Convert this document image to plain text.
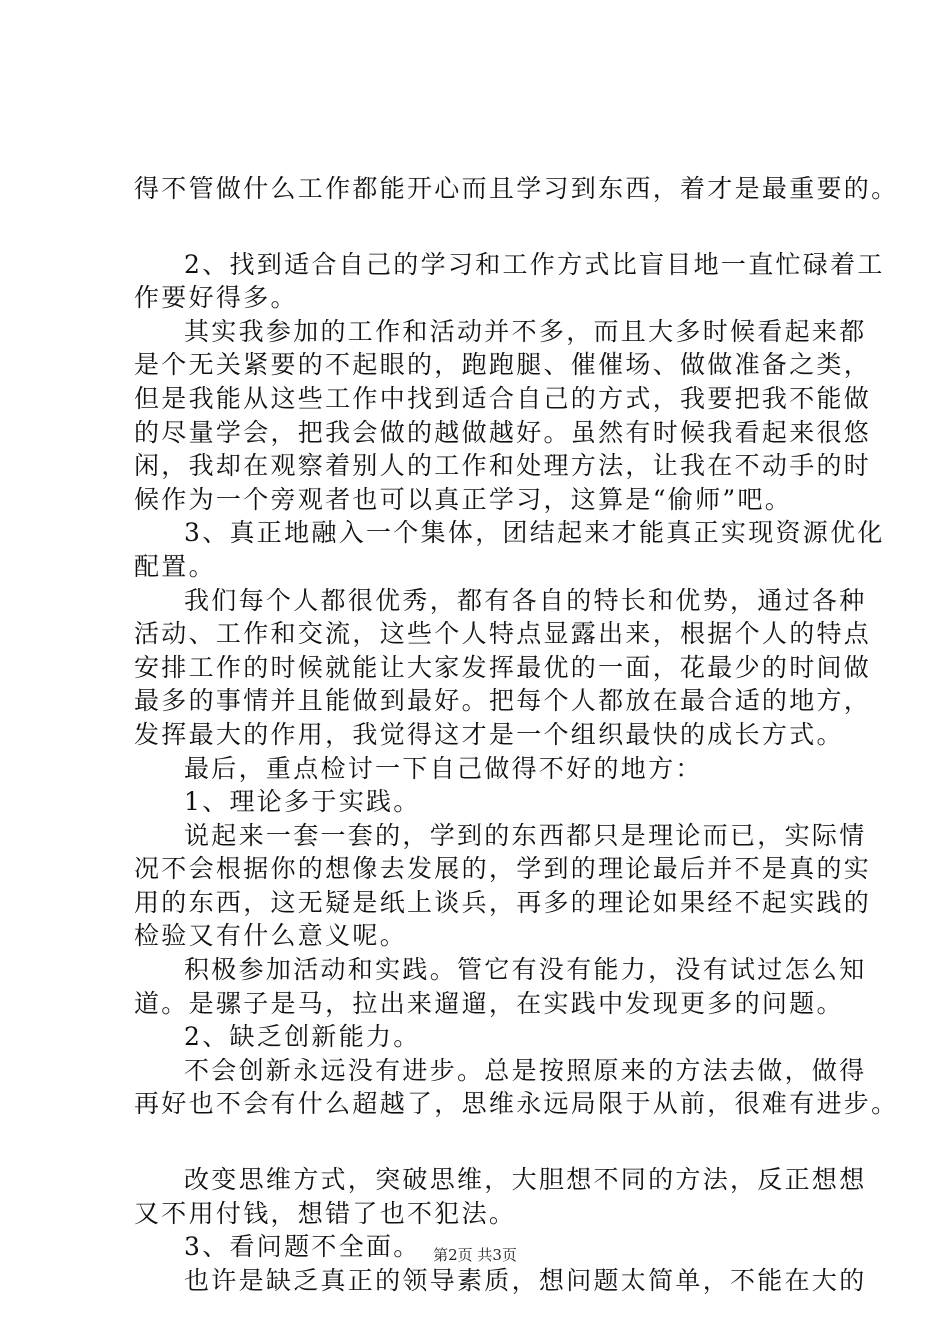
得不管做什么工作都能开心而且学习到东西，着才是最重要的。
2、找到适合自己的学习和工作方式比盲目地一直忙碌着工
作要好得多。
其实我参加的工作和活动并不多，而且大多时候看起来都
是个无关紧要的不起眼的，跑跑腿、催催场、做做准备之类，
但是我能从这些工作中找到适合自己的方式，我要把我不能做
的尽量学会，把我会做的越做越好。虽然有时候我看起来很悠
闲，我却在观察着别人的工作和处理方法，让我在不动手的时
候作为一个旁观者也可以真正学习，这算是“偷师”吧。
3、真正地融入一个集体，团结起来才能真正实现资源优化
配置。
我们每个人都很优秀，都有各自的特长和优势，通过各种
活动、工作和交流，这些个人特点显露出来，根据个人的特点
安排工作的时候就能让大家发挥最优的一面，花最少的时间做
最多的事情并且能做到最好。把每个人都放在最合适的地方，
发挥最大的作用，我觉得这才是一个组织最快的成长方式。
最后，重点检讨一下自己做得不好的地方：
1、理论多于实践。
说起来一套一套的，学到的东西都只是理论而已，实际情
况不会根据你的想像去发展的，学到的理论最后并不是真的实
用的东西，这无疑是纸上谈兵，再多的理论如果经不起实践的
检验又有什么意义呢。
积极参加活动和实践。管它有没有能力，没有试过怎么知
道。是骡子是马，拉出来遛遛，在实践中发现更多的问题。
2、缺乏创新能力。
不会创新永远没有进步。总是按照原来的方法去做，做得
再好也不会有什么超越了，思维永远局限于从前，很难有进步。
改变思维方式，突破思维，大胆想不同的方法，反正想想
又不用付钱，想错了也不犯法。
3、看问题不全面。
也许是缺乏真正的领导素质，想问题太简单，不能在大的
第2页 共3页
